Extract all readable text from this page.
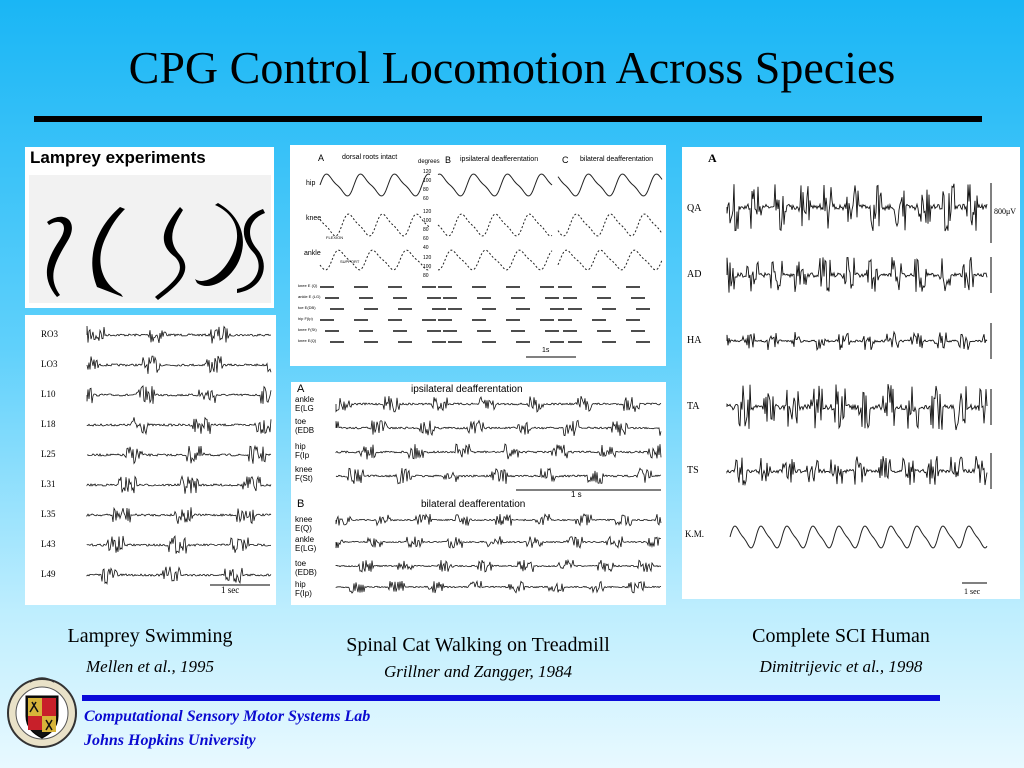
CPG Control Locomotion Across Species
Lamprey experiments
RO3
LO3
L10
L18
L25
L31
L35
L43
L49
1 sec
A	dorsal roots intact	B ipsilateral deafferentation	C bilateral deafferentation
degrees
hip
knee
ankle
120
100
80
60
120
100
80
60
40
120
100
80
FLEXION
SUPPORT
knee E (Q)
ankle E (LG)
toe E(DB)
hip F(Ip)
knee F(St)
knee E(Q)
1s
A	ipsilateral deafferentation
ankle
E(LG
toe
(EDB
hip
F(Ip
knee
F(St)
1 s
B	bilateral deafferentation
knee
E(Q)
ankle
E(LG)
toe
(EDB)
hip
F(Ip)
A
QA
AD
HA
TA
TS
K.M.
800μV
1 sec
Lamprey Swimming
Mellen et al., 1995
Spinal Cat Walking on Treadmill
Grillner and Zangger, 1984
Complete SCI Human
Dimitrijevic et al., 1998
Computational Sensory Motor Systems Lab
Johns Hopkins University
